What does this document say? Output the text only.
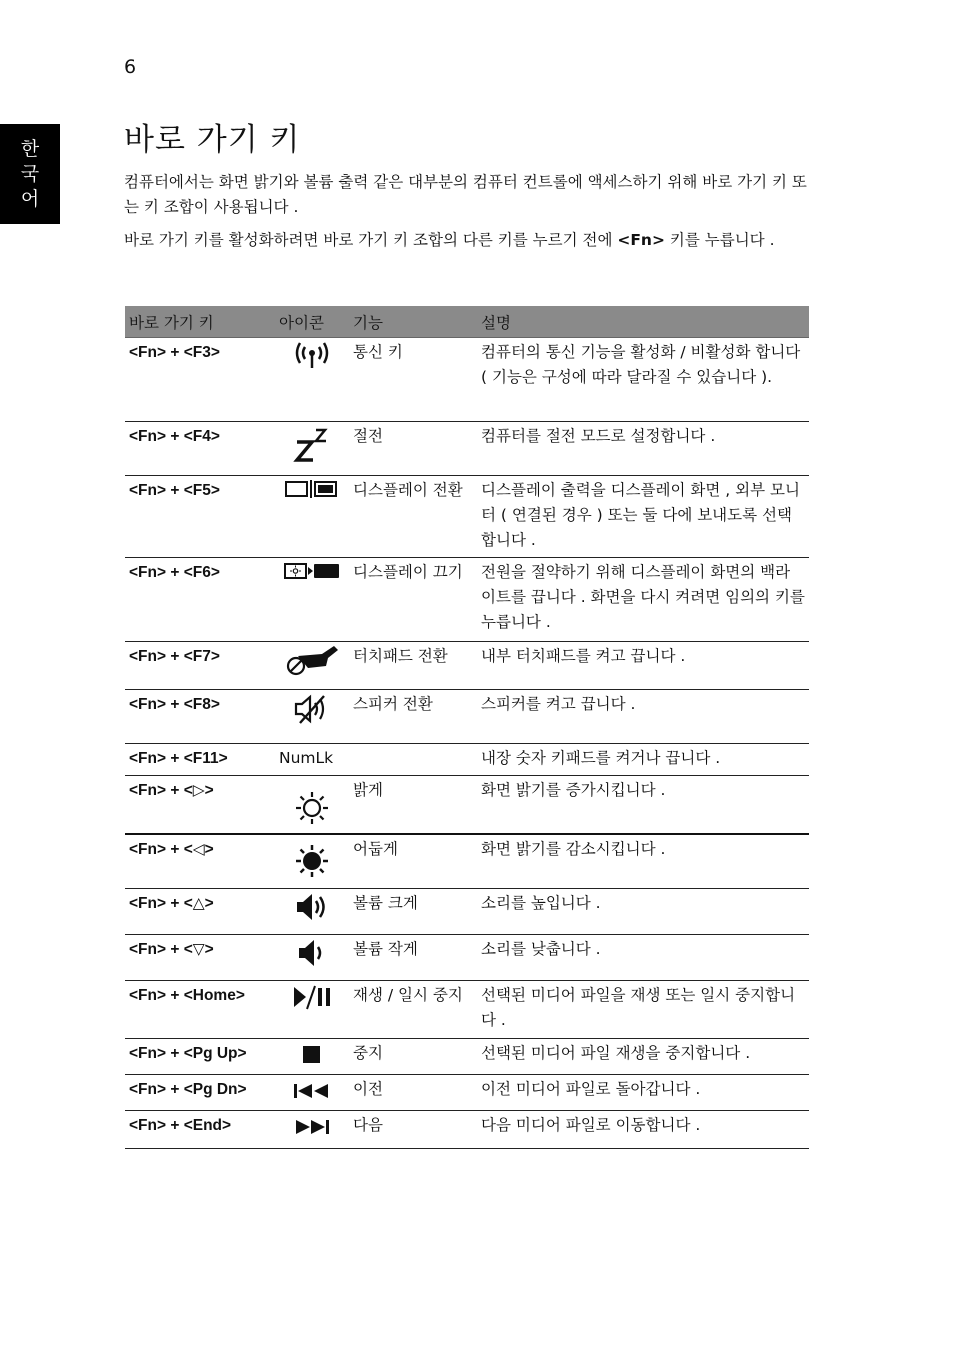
6
한
국
어
바로 가기 키

컴퓨터에서는 화면 밝기와 볼륨 출력 같은 대부분의 컴퓨터 컨트롤에 액세스하기 위해 바로 가기 키 또는 키 조합이 사용됩니다 .

바로 가기 키를 활성화하려면 바로 가기 키 조합의 다른 키를 누르기 전에 <Fn> 키를 누릅니다 .

바로 가기 키	아이콘	기능	설명
<Fn> + <F3>		통신 키	컴퓨터의 통신 기능을 활성화 / 비활성화 합니다 ( 기능은 구성에 따라 달라질 수 있습니다 ).
<Fn> + <F4>		절전	컴퓨터를 절전 모드로 설정합니다 .
<Fn> + <F5>		디스플레이 전환	디스플레이 출력을 디스플레이 화면 , 외부 모니터 ( 연결된 경우 ) 또는 둘 다에 보내도록 선택합니다 .
<Fn> + <F6>		디스플레이 끄기	전원을 절약하기 위해 디스플레이 화면의 백라이트를 끕니다 . 화면을 다시 켜려면 임의의 키를 누릅니다 .
<Fn> + <F7>		터치패드 전환	내부 터치패드를 켜고 끕니다 .
<Fn> + <F8>		스피커 전환	스피커를 켜고 끕니다 .
<Fn> + <F11>	NumLk		내장 숫자 키패드를 켜거나 끕니다 .
<Fn> + <▷>		밝게	화면 밝기를 증가시킵니다 .
<Fn> + <◁>		어둡게	화면 밝기를 감소시킵니다 .
<Fn> + <△>		볼륨 크게	소리를 높입니다 .
<Fn> + <▽>		볼륨 작게	소리를 낮춥니다 .
<Fn> + <Home>		재생 / 일시 중지	선택된 미디어 파일을 재생 또는 일시 중지합니다 .
<Fn> + <Pg Up>		중지	선택된 미디어 파일 재생을 중지합니다 .
<Fn> + <Pg Dn>		이전	이전 미디어 파일로 돌아갑니다 .
<Fn> + <End>		다음	다음 미디어 파일로 이동합니다 .
